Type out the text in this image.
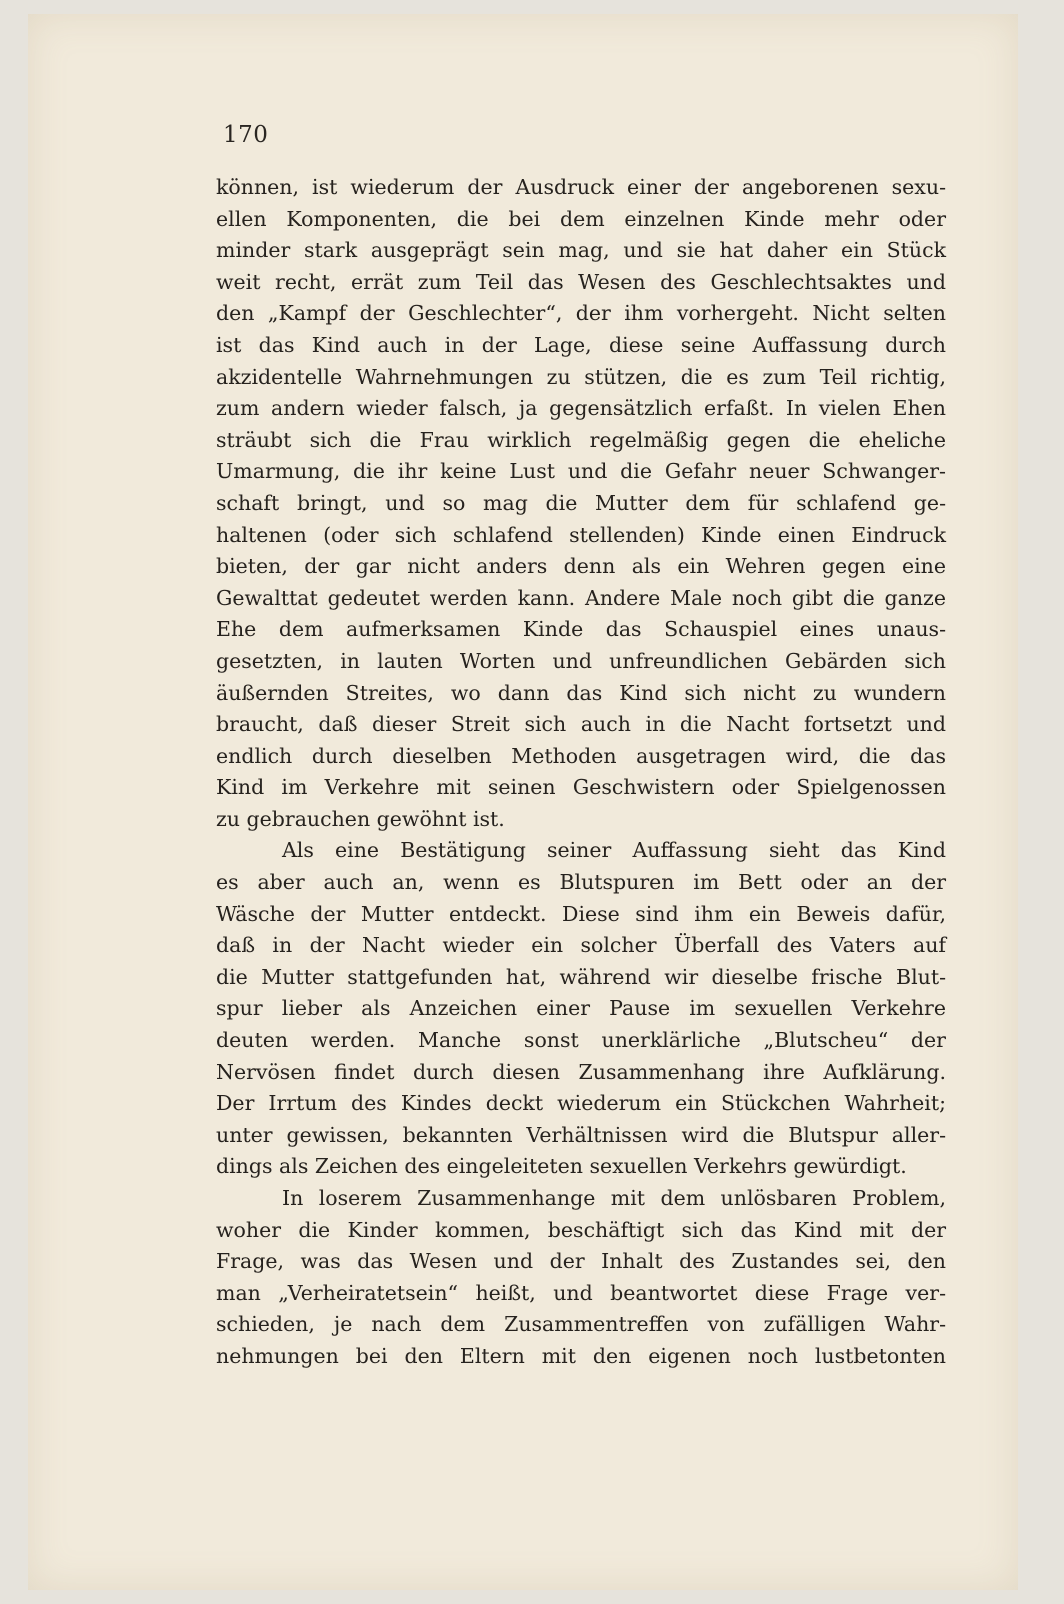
170
können, ist wiederum der Ausdruck einer der angeborenen sexu-
ellen Komponenten, die bei dem einzelnen Kinde mehr oder
minder stark ausgeprägt sein mag, und sie hat daher ein Stück
weit recht, errät zum Teil das Wesen des Geschlechtsaktes und
den „Kampf der Geschlechter“, der ihm vorhergeht. Nicht selten
ist das Kind auch in der Lage, diese seine Auffassung durch
akzidentelle Wahrnehmungen zu stützen, die es zum Teil richtig,
zum andern wieder falsch, ja gegensätzlich erfaßt. In vielen Ehen
sträubt sich die Frau wirklich regelmäßig gegen die eheliche
Umarmung, die ihr keine Lust und die Gefahr neuer Schwanger-
schaft bringt, und so mag die Mutter dem für schlafend ge-
haltenen (oder sich schlafend stellenden) Kinde einen Eindruck
bieten, der gar nicht anders denn als ein Wehren gegen eine
Gewalttat gedeutet werden kann. Andere Male noch gibt die ganze
Ehe dem aufmerksamen Kinde das Schauspiel eines unaus-
gesetzten, in lauten Worten und unfreundlichen Gebärden sich
äußernden Streites, wo dann das Kind sich nicht zu wundern
braucht, daß dieser Streit sich auch in die Nacht fortsetzt und
endlich durch dieselben Methoden ausgetragen wird, die das
Kind im Verkehre mit seinen Geschwistern oder Spielgenossen
zu gebrauchen gewöhnt ist.
Als eine Bestätigung seiner Auffassung sieht das Kind
es aber auch an, wenn es Blutspuren im Bett oder an der
Wäsche der Mutter entdeckt. Diese sind ihm ein Beweis dafür,
daß in der Nacht wieder ein solcher Überfall des Vaters auf
die Mutter stattgefunden hat, während wir dieselbe frische Blut-
spur lieber als Anzeichen einer Pause im sexuellen Verkehre
deuten werden. Manche sonst unerklärliche „Blutscheu“ der
Nervösen findet durch diesen Zusammenhang ihre Aufklärung.
Der Irrtum des Kindes deckt wiederum ein Stückchen Wahrheit;
unter gewissen, bekannten Verhältnissen wird die Blutspur aller-
dings als Zeichen des eingeleiteten sexuellen Verkehrs gewürdigt.
In loserem Zusammenhange mit dem unlösbaren Problem,
woher die Kinder kommen, beschäftigt sich das Kind mit der
Frage, was das Wesen und der Inhalt des Zustandes sei, den
man „Verheiratetsein“ heißt, und beantwortet diese Frage ver-
schieden, je nach dem Zusammentreffen von zufälligen Wahr-
nehmungen bei den Eltern mit den eigenen noch lustbetonten
